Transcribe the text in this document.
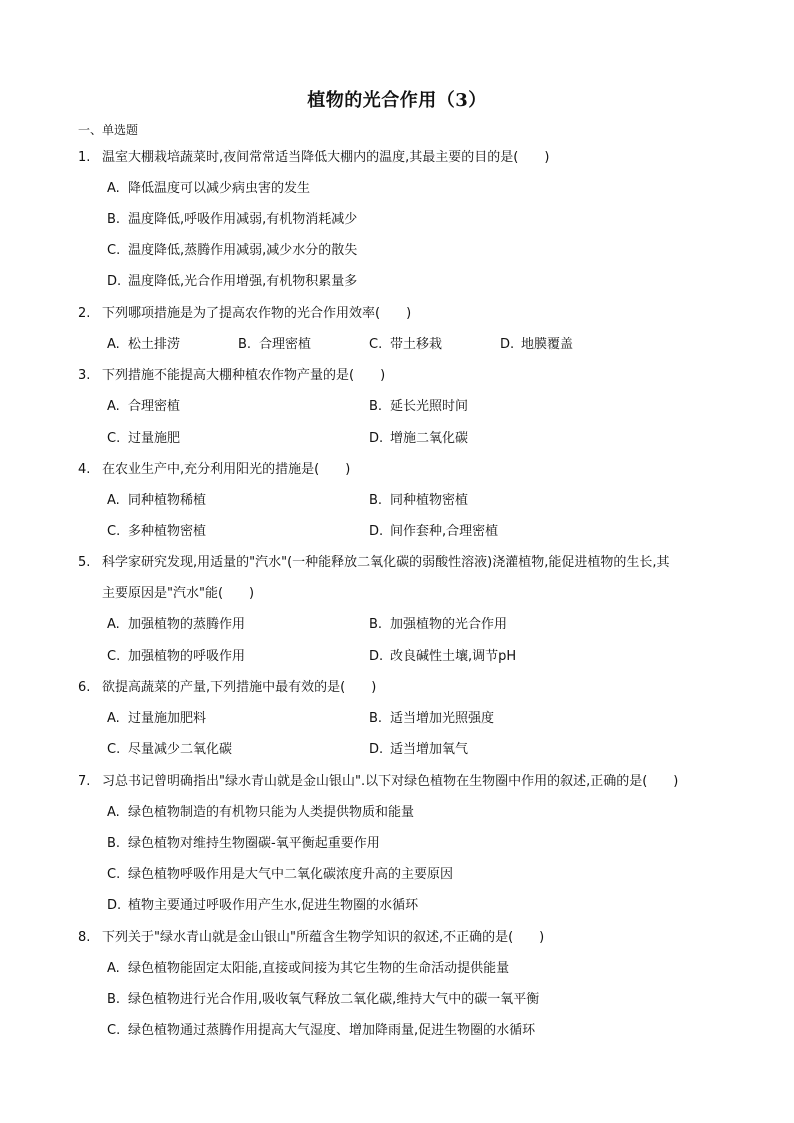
植物的光合作用（3）
一、单选题
1. 温室大棚栽培蔬菜时,夜间常常适当降低大棚内的温度,其最主要的目的是(　　)
A. 降低温度可以减少病虫害的发生
B. 温度降低,呼吸作用减弱,有机物消耗减少
C. 温度降低,蒸腾作用减弱,减少水分的散失
D. 温度降低,光合作用增强,有机物积累量多
2. 下列哪项措施是为了提高农作物的光合作用效率(　　)
A. 松土排涝	B. 合理密植	C. 带土移栽	D. 地膜覆盖
3. 下列措施不能提高大棚种植农作物产量的是(　　)
A. 合理密植	B. 延长光照时间
C. 过量施肥	D. 增施二氧化碳
4. 在农业生产中,充分利用阳光的措施是(　　)
A. 同种植物稀植	B. 同种植物密植
C. 多种植物密植	D. 间作套种,合理密植
5. 科学家研究发现,用适量的"汽水"(一种能释放二氧化碳的弱酸性溶液)浇灌植物,能促进植物的生长,其
主要原因是"汽水"能(　　)
A. 加强植物的蒸腾作用	B. 加强植物的光合作用
C. 加强植物的呼吸作用	D. 改良碱性土壤,调节pH
6. 欲提高蔬菜的产量,下列措施中最有效的是(　　)
A. 过量施加肥料	B. 适当增加光照强度
C. 尽量减少二氧化碳	D. 适当增加氧气
7. 习总书记曾明确指出"绿水青山就是金山银山".以下对绿色植物在生物圈中作用的叙述,正确的是(　　)
A. 绿色植物制造的有机物只能为人类提供物质和能量
B. 绿色植物对维持生物圈碳-氧平衡起重要作用
C. 绿色植物呼吸作用是大气中二氧化碳浓度升高的主要原因
D. 植物主要通过呼吸作用产生水,促进生物圈的水循环
8. 下列关于"绿水青山就是金山银山"所蕴含生物学知识的叙述,不正确的是(　　)
A. 绿色植物能固定太阳能,直接或间接为其它生物的生命活动提供能量
B. 绿色植物进行光合作用,吸收氧气释放二氧化碳,维持大气中的碳一氧平衡
C. 绿色植物通过蒸腾作用提高大气湿度、增加降雨量,促进生物圈的水循环
